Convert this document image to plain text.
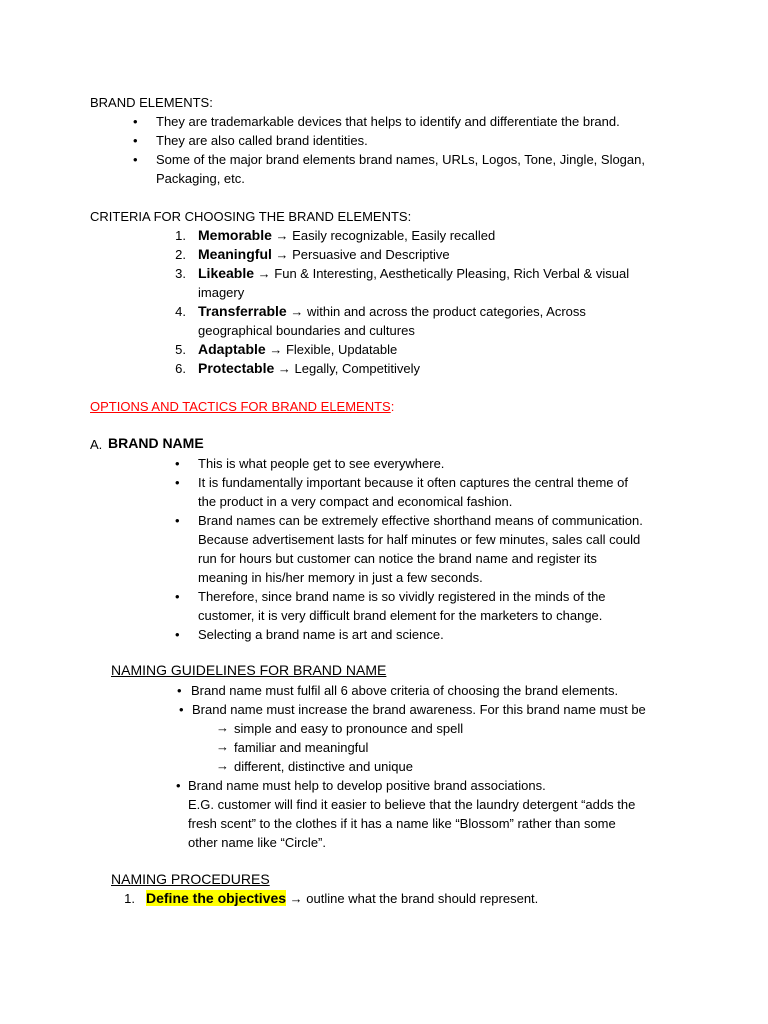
BRAND ELEMENTS:
• They are trademarkable devices that helps to identify and differentiate the brand.
• They are also called brand identities.
• Some of the major brand elements brand names, URLs, Logos, Tone, Jingle, Slogan,
Packaging, etc.
CRITERIA FOR CHOOSING THE BRAND ELEMENTS:
1. Memorable → Easily recognizable, Easily recalled
2. Meaningful → Persuasive and Descriptive
3. Likeable → Fun & Interesting, Aesthetically Pleasing, Rich Verbal & visual
imagery
4. Transferrable → within and across the product categories, Across
geographical boundaries and cultures
5. Adaptable → Flexible, Updatable
6. Protectable → Legally, Competitively
OPTIONS AND TACTICS FOR BRAND ELEMENTS:
A. BRAND NAME
• This is what people get to see everywhere.
• It is fundamentally important because it often captures the central theme of
the product in a very compact and economical fashion.
• Brand names can be extremely effective shorthand means of communication.
Because advertisement lasts for half minutes or few minutes, sales call could
run for hours but customer can notice the brand name and register its
meaning in his/her memory in just a few seconds.
• Therefore, since brand name is so vividly registered in the minds of the
customer, it is very difficult brand element for the marketers to change.
• Selecting a brand name is art and science.
NAMING GUIDELINES FOR BRAND NAME
• Brand name must fulfil all 6 above criteria of choosing the brand elements.
• Brand name must increase the brand awareness. For this brand name must be
→ simple and easy to pronounce and spell
→ familiar and meaningful
→ different, distinctive and unique
• Brand name must help to develop positive brand associations.
E.G. customer will find it easier to believe that the laundry detergent “adds the
fresh scent” to the clothes if it has a name like “Blossom” rather than some
other name like “Circle”.
NAMING PROCEDURES
1. Define the objectives → outline what the brand should represent.
